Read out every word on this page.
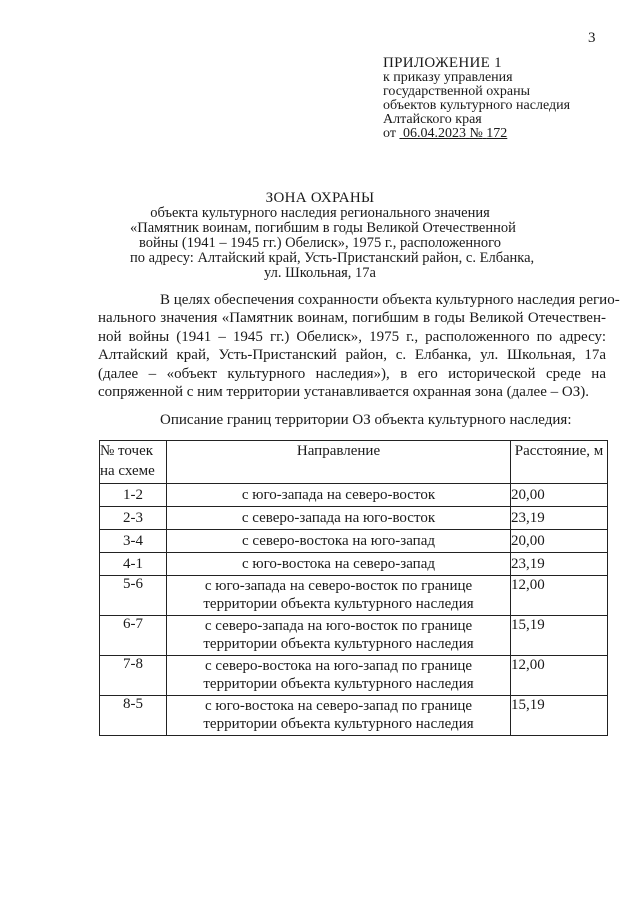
3
ПРИЛОЖЕНИЕ 1
к приказу управления
государственной охраны
объектов культурного наследия
Алтайского края
от 06.04.2023 № 172
ЗОНА ОХРАНЫ
объекта культурного наследия регионального значения
«Памятник воинам, погибшим в годы Великой Отечественной
войны (1941 – 1945 гг.) Обелиск», 1975 г., расположенного
по адресу: Алтайский край, Усть-Пристанский район, с. Елбанка,
ул. Школьная, 17а
В целях обеспечения сохранности объекта культурного наследия регио-
нального значения «Памятник воинам, погибшим в годы Великой Отечествен-
ной войны (1941 – 1945 гг.) Обелиск», 1975 г., расположенного по адресу:
Алтайский край, Усть-Пристанский район, с. Елбанка, ул. Школьная, 17а
(далее – «объект культурного наследия»), в его исторической среде на
сопряженной с ним территории устанавливается охранная зона (далее – ОЗ).
Описание границ территории ОЗ объекта культурного наследия:
№ точек
на схеме	Направление	Расстояние, м
1-2	с юго-запада на северо-восток	20,00
2-3	с северо-запада на юго-восток	23,19
3-4	с северо-востока на юго-запад	20,00
4-1	с юго-востока на северо-запад	23,19
5-6	с юго-запада на северо-восток по границе
территории объекта культурного наследия	12,00
6-7	с северо-запада на юго-восток по границе
территории объекта культурного наследия	15,19
7-8	с северо-востока на юго-запад по границе
территории объекта культурного наследия	12,00
8-5	с юго-востока на северо-запад по границе
территории объекта культурного наследия	15,19
